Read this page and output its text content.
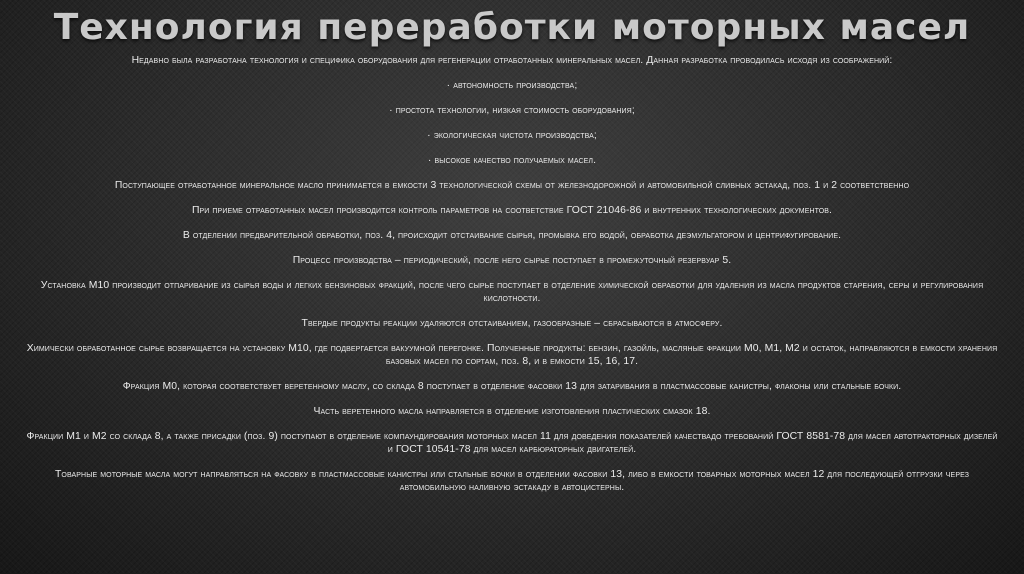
Технология переработки моторных масел
Недавно была разработана технология и специфика оборудования для регенерации отработанных минеральных масел. Данная разработка проводилась исходя из соображений:
· автономность производства;
· простота технологии, низкая стоимость оборудования;
· экологическая чистота производства;
· высокое качество получаемых масел.
Поступающее отработанное минеральное масло принимается в емкости 3 технологической схемы от железнодорожной и автомобильной сливных эстакад, поз. 1 и 2 соответственно
При приеме отработанных масел производится контроль параметров на соответствие ГОСТ 21046-86 и внутренних технологических документов.
В отделении предварительной обработки, поз. 4, происходит отстаивание сырья, промывка его водой, обработка деэмульгатором и центрифугирование.
Процесс производства – периодический, после него сырье поступает в промежуточный резервуар 5.
Установка М10 производит отпаривание из сырья воды и легких бензиновых фракций, после чего сырье поступает в отделение химической обработки для удаления из масла продуктов старения, серы и регулирования кислотности.
Твердые продукты реакции удаляются отстаиванием, газообразные – сбрасываются в атмосферу.
Химически обработанное сырье возвращается на установку М10, где подвергается вакуумной перегонке. Полученные продукты: бензин, газойль, масляные фракции М0, М1, М2 и остаток, направляются в емкости хранения базовых масел по сортам, поз. 8, и в емкости 15, 16, 17.
Фракция М0, которая соответствует веретенному маслу, со склада 8 поступает в отделение фасовки 13 для затаривания в пластмассовые канистры, флаконы или стальные бочки.
Часть веретенного масла направляется в отделение изготовления пластических смазок 18.
Фракции М1 и М2 со склада 8, а также присадки (поз. 9) поступают в отделение компаундирования моторных масел 11 для доведения показателей качествадо требований ГОСТ 8581-78 для масел автотракторных дизелей и ГОСТ 10541-78 для масел карбюраторных двигателей.
Товарные моторные масла могут направляться на фасовку в пластмассовые канистры или стальные бочки в отделении фасовки 13, либо в емкости товарных моторных масел 12 для последующей отгрузки через автомобильную наливную эстакаду в автоцистерны.
